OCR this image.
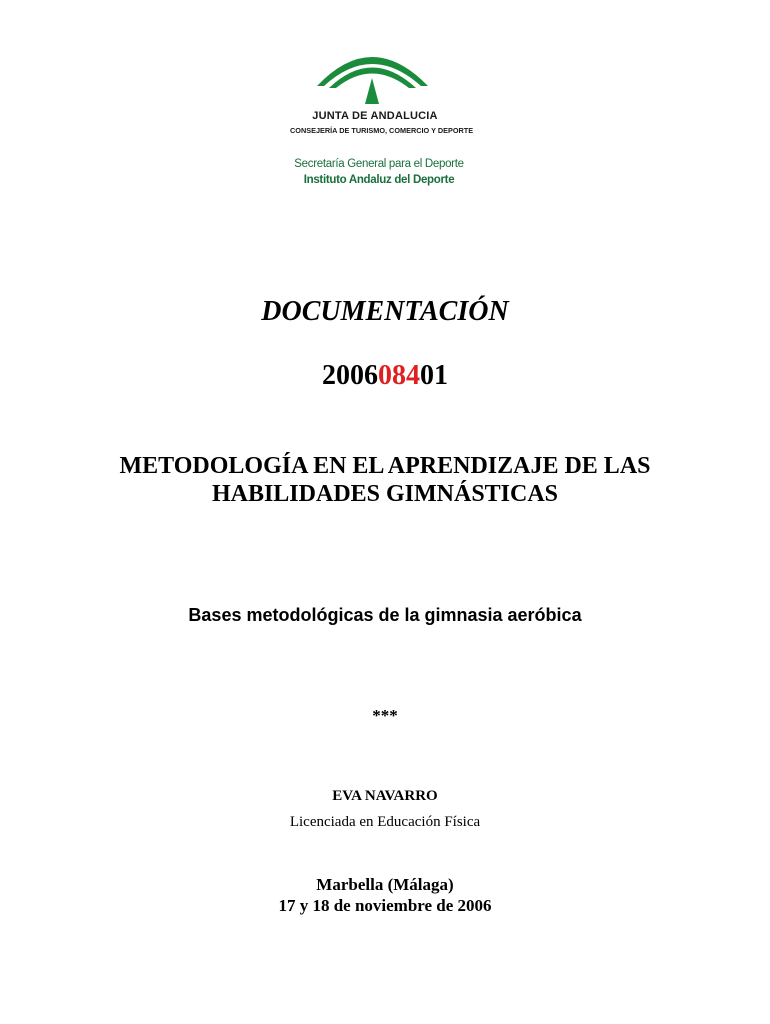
JUNTA DE ANDALUCIA
CONSEJERÍA DE TURISMO, COMERCIO Y DEPORTE
Secretaría General para el Deporte
Instituto Andaluz del Deporte
DOCUMENTACIÓN
200608401
METODOLOGÍA EN EL APRENDIZAJE DE LAS
HABILIDADES GIMNÁSTICAS
Bases metodológicas de la gimnasia aeróbica
***
EVA NAVARRO
Licenciada en Educación Física
Marbella (Málaga)
17 y 18 de noviembre de 2006
